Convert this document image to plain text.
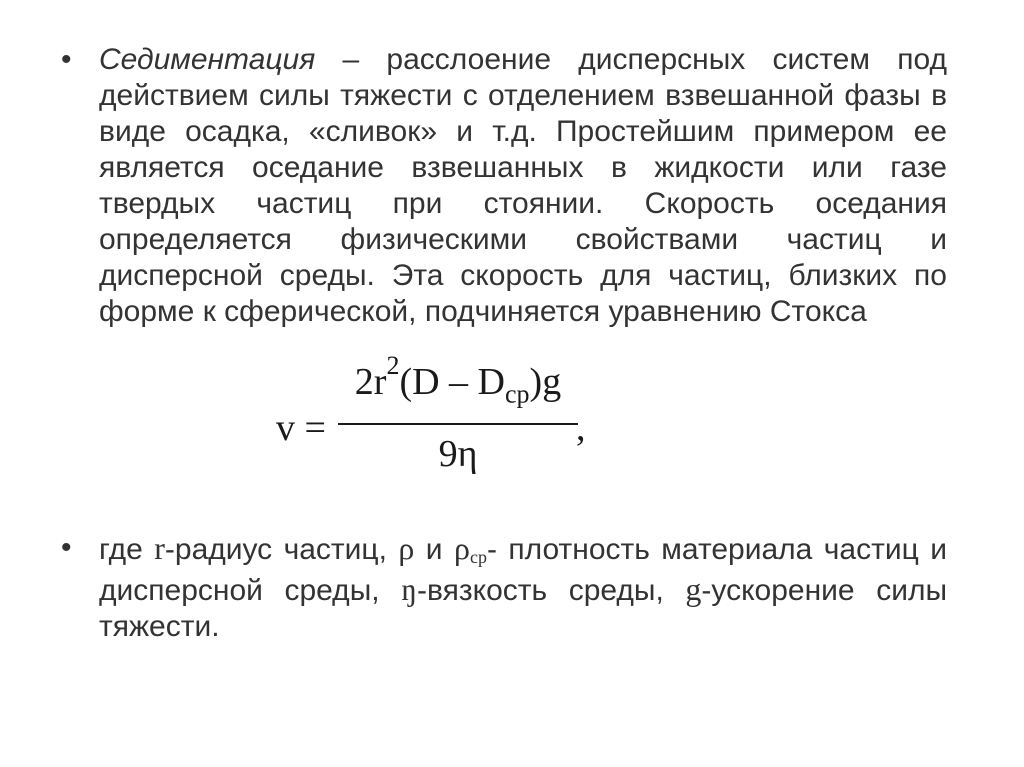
• Седиментация – расслоение дисперсных систем под действием силы тяжести с отделением взвешанной фазы в виде осадка, «сливок» и т.д. Простейшим примером ее является оседание взвешанных в жидкости или газе твердых частиц при стоянии. Скорость оседания определяется физическими свойствами частиц и дисперсной среды. Эта скорость для частиц, близких по форме к сферической, подчиняется уравнению Стокса

v =
$2r^2(D - D_{ср})g$
9η
,
• где r-радиус частиц, ρ и ρср- плотность материала частиц и дисперсной среды, ŋ-вязкость среды, g-ускорение силы тяжести.
